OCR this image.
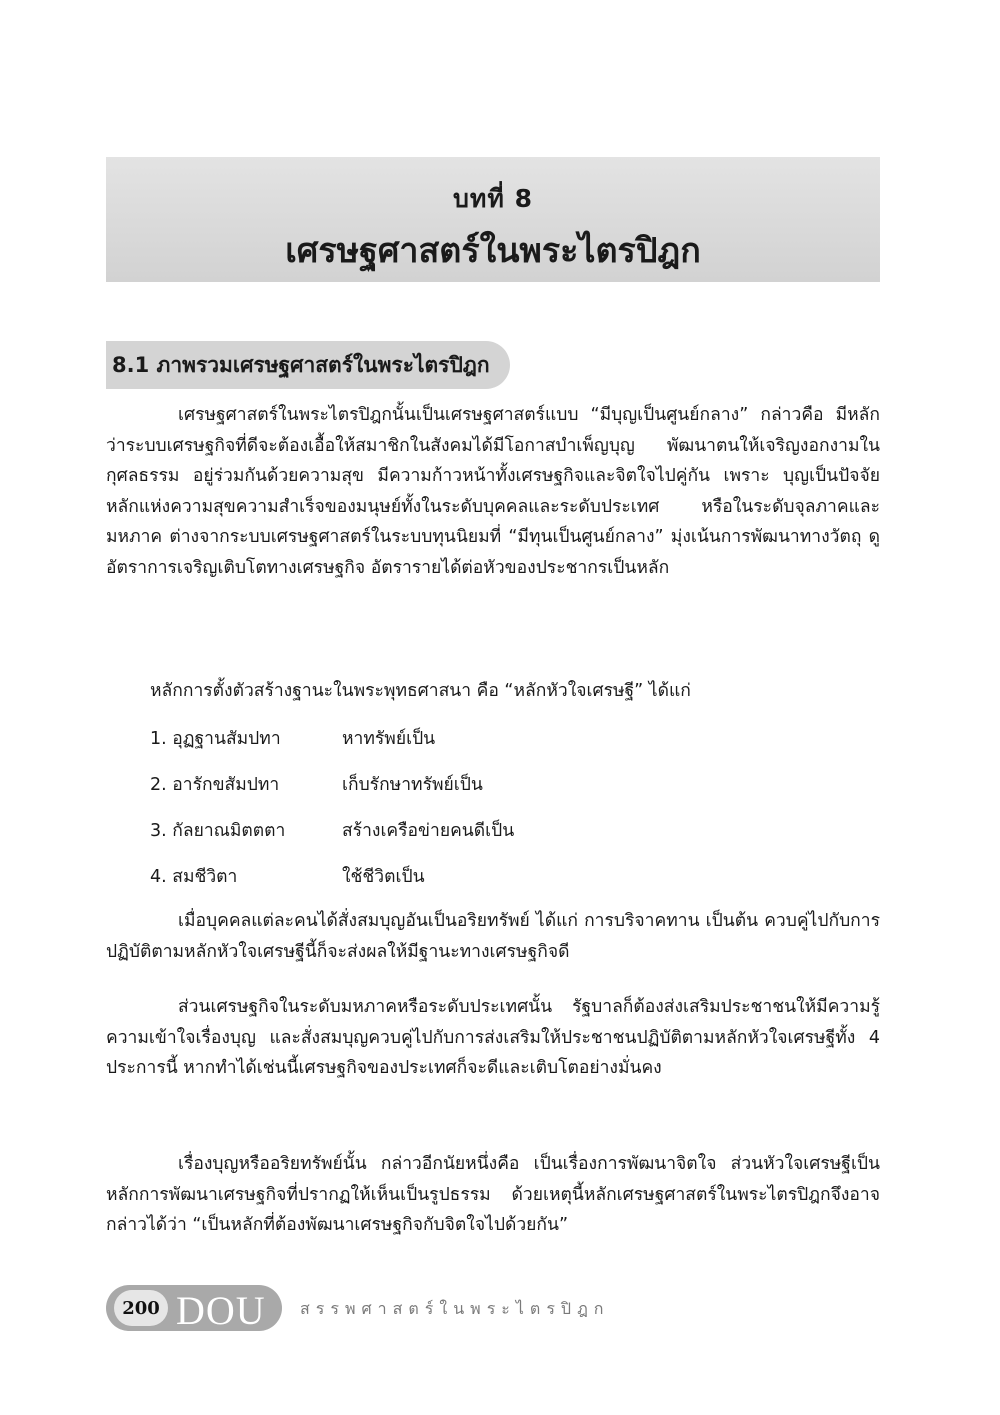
บทที่ 8
เศรษฐศาสตร์ในพระไตรปิฎก
8.1 ภาพรวมเศรษฐศาสตร์ในพระไตรปิฎก

เศรษฐศาสตร์ในพระไตรปิฎกนั้นเป็นเศรษฐศาสตร์แบบ “มีบุญเป็นศูนย์กลาง” กล่าวคือ มีหลักว่าระบบเศรษฐกิจที่ดีจะต้องเอื้อให้สมาชิกในสังคมได้มีโอกาสบำเพ็ญบุญ พัฒนาตนให้เจริญงอกงามในกุศลธรรม อยู่ร่วมกันด้วยความสุข มีความก้าวหน้าทั้งเศรษฐกิจและจิตใจไปคู่กัน เพราะ บุญเป็นปัจจัยหลักแห่งความสุขความสำเร็จของมนุษย์ทั้งในระดับบุคคลและระดับประเทศ หรือในระดับจุลภาคและมหภาค ต่างจากระบบเศรษฐศาสตร์ในระบบทุนนิยมที่ “มีทุนเป็นศูนย์กลาง” มุ่งเน้นการพัฒนาทางวัตถุ ดูอัตราการเจริญเติบโตทางเศรษฐกิจ อัตรารายได้ต่อหัวของประชากรเป็นหลัก

หลักการตั้งตัวสร้างฐานะในพระพุทธศาสนา คือ “หลักหัวใจเศรษฐี” ได้แก่
1. อุฏฐานสัมปทา	หาทรัพย์เป็น
2. อารักขสัมปทา	เก็บรักษาทรัพย์เป็น
3. กัลยาณมิตตตา	สร้างเครือข่ายคนดีเป็น
4. สมชีวิตา	ใช้ชีวิตเป็น

เมื่อบุคคลแต่ละคนได้สั่งสมบุญอันเป็นอริยทรัพย์ ได้แก่ การบริจาคทาน เป็นต้น ควบคู่ไปกับการปฏิบัติตามหลักหัวใจเศรษฐีนี้ก็จะส่งผลให้มีฐานะทางเศรษฐกิจดี

ส่วนเศรษฐกิจในระดับมหภาคหรือระดับประเทศนั้น รัฐบาลก็ต้องส่งเสริมประชาชนให้มีความรู้ความเข้าใจเรื่องบุญ และสั่งสมบุญควบคู่ไปกับการส่งเสริมให้ประชาชนปฏิบัติตามหลักหัวใจเศรษฐีทั้ง 4 ประการนี้ หากทำได้เช่นนี้เศรษฐกิจของประเทศก็จะดีและเติบโตอย่างมั่นคง

เรื่องบุญหรืออริยทรัพย์นั้น กล่าวอีกนัยหนึ่งคือ เป็นเรื่องการพัฒนาจิตใจ ส่วนหัวใจเศรษฐีเป็นหลักการพัฒนาเศรษฐกิจที่ปรากฏให้เห็นเป็นรูปธรรม ด้วยเหตุนี้หลักเศรษฐศาสตร์ในพระไตรปิฎกจึงอาจกล่าวได้ว่า “เป็นหลักที่ต้องพัฒนาเศรษฐกิจกับจิตใจไปด้วยกัน”

200 DOU สรรพศาสตร์ในพระไตรปิฎก
